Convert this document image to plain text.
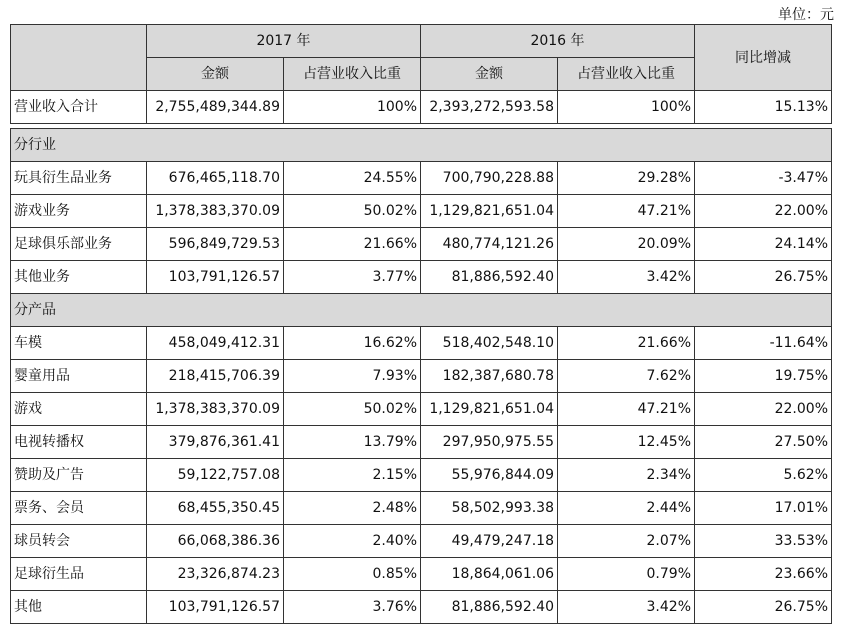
单位：元
	2017 年		2016 年		同比增减
	金额	占营业收入比重	金额	占营业收入比重	
营业收入合计	2,755,489,344.89	100%	2,393,272,593.58	100%	15.13%
分行业					
玩具衍生品业务	676,465,118.70	24.55%	700,790,228.88	29.28%	-3.47%
游戏业务	1,378,383,370.09	50.02%	1,129,821,651.04	47.21%	22.00%
足球俱乐部业务	596,849,729.53	21.66%	480,774,121.26	20.09%	24.14%
其他业务	103,791,126.57	3.77%	81,886,592.40	3.42%	26.75%
分产品					
车模	458,049,412.31	16.62%	518,402,548.10	21.66%	-11.64%
婴童用品	218,415,706.39	7.93%	182,387,680.78	7.62%	19.75%
游戏	1,378,383,370.09	50.02%	1,129,821,651.04	47.21%	22.00%
电视转播权	379,876,361.41	13.79%	297,950,975.55	12.45%	27.50%
赞助及广告	59,122,757.08	2.15%	55,976,844.09	2.34%	5.62%
票务、会员	68,455,350.45	2.48%	58,502,993.38	2.44%	17.01%
球员转会	66,068,386.36	2.40%	49,479,247.18	2.07%	33.53%
足球衍生品	23,326,874.23	0.85%	18,864,061.06	0.79%	23.66%
其他	103,791,126.57	3.76%	81,886,592.40	3.42%	26.75%
